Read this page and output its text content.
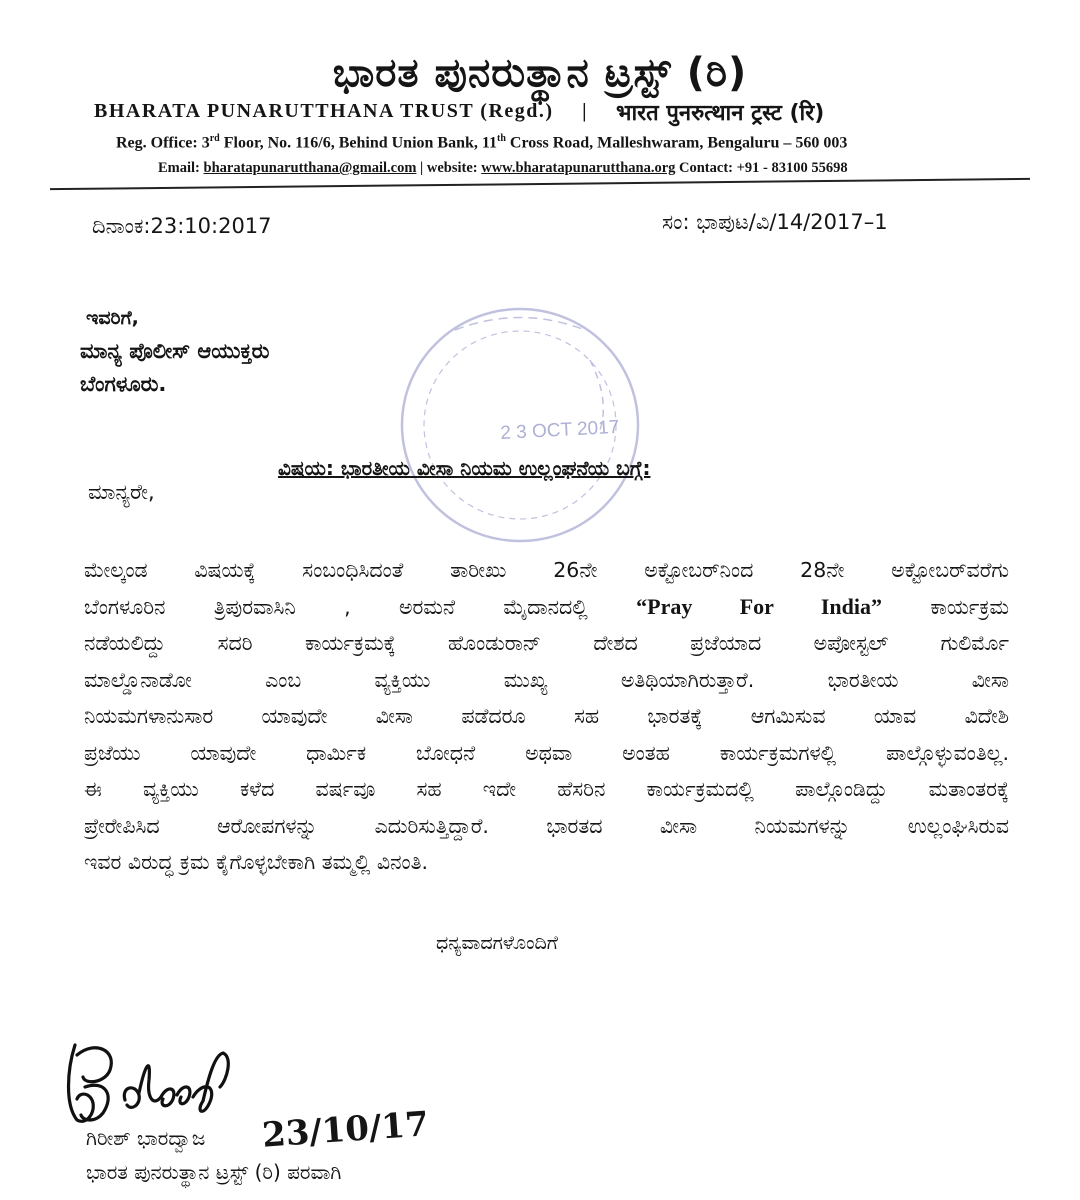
ಭಾರತ ಪುನರುತ್ಥಾನ ಟ್ರಸ್ಟ್ (ರಿ)
BHARATA PUNARUTTHANA TRUST (Regd.) | भारत पुनरुत्थान ट्रस्ट (रि)
Reg. Office: 3rd Floor, No. 116/6, Behind Union Bank, 11th Cross Road, Malleshwaram, Bengaluru – 560 003
Email: bharatapunarutthana@gmail.com | website: www.bharatapunarutthana.org Contact: +91 - 83100 55698
ದಿನಾಂಕ:23:10:2017	ಸಂ: ಭಾಪುಟ/ವಿ/14/2017–1
2 3 OCT 2017
ಇವರಿಗೆ,
ಮಾನ್ಯ ಪೊಲೀಸ್ ಆಯುಕ್ತರು
ಬೆಂಗಳೂರು.
ವಿಷಯ: ಭಾರತೀಯ ವೀಸಾ ನಿಯಮ ಉಲ್ಲಂಘನೆಯ ಬಗ್ಗೆ:
ಮಾನ್ಯರೇ,
ಮೇಲ್ಕಂಡ ವಿಷಯಕ್ಕೆ ಸಂಬಂಧಿಸಿದಂತೆ ತಾರೀಖು 26ನೇ ಅಕ್ಟೋಬರ್‌ನಿಂದ 28ನೇ ಅಕ್ಟೋಬರ್‌ವರೆಗು
ಬೆಂಗಳೂರಿನ ತ್ರಿಪುರವಾಸಿನಿ , ಅರಮನೆ ಮೈದಾನದಲ್ಲಿ “Pray For India” ಕಾರ್ಯಕ್ರಮ
ನಡೆಯಲಿದ್ದು ಸದರಿ ಕಾರ್ಯಕ್ರಮಕ್ಕೆ ಹೊಂಡುರಾನ್ ದೇಶದ ಪ್ರಜೆಯಾದ ಅಪೋಸ್ಟಲ್ ಗುಲಿರ್ಮೊ
ಮಾಲ್ಡೊನಾಡೋ ಎಂಬ ವ್ಯಕ್ತಿಯು ಮುಖ್ಯ ಅತಿಥಿಯಾಗಿರುತ್ತಾರೆ. ಭಾರತೀಯ ವೀಸಾ
ನಿಯಮಗಳಾನುಸಾರ ಯಾವುದೇ ವೀಸಾ ಪಡೆದರೂ ಸಹ ಭಾರತಕ್ಕೆ ಆಗಮಿಸುವ ಯಾವ ವಿದೇಶಿ
ಪ್ರಜೆಯು ಯಾವುದೇ ಧಾರ್ಮಿಕ ಬೋಧನೆ ಅಥವಾ ಅಂತಹ ಕಾರ್ಯಕ್ರಮಗಳಲ್ಲಿ ಪಾಲ್ಗೊಳ್ಳುವಂತಿಲ್ಲ.
ಈ ವ್ಯಕ್ತಿಯು ಕಳೆದ ವರ್ಷವೂ ಸಹ ಇದೇ ಹೆಸರಿನ ಕಾರ್ಯಕ್ರಮದಲ್ಲಿ ಪಾಲ್ಗೊಂಡಿದ್ದು ಮತಾಂತರಕ್ಕೆ
ಪ್ರೇರೇಪಿಸಿದ ಆರೋಪಗಳನ್ನು ಎದುರಿಸುತ್ತಿದ್ದಾರೆ. ಭಾರತದ ವೀಸಾ ನಿಯಮಗಳನ್ನು ಉಲ್ಲಂಘಿಸಿರುವ
ಇವರ ವಿರುದ್ಧ ಕ್ರಮ ಕೈಗೊಳ್ಳಬೇಕಾಗಿ ತಮ್ಮಲ್ಲಿ ವಿನಂತಿ.
ಧನ್ಯವಾದಗಳೊಂದಿಗೆ
23/10/17
ಗಿರೀಶ್ ಭಾರದ್ವಾಜ
ಭಾರತ ಪುನರುತ್ಥಾನ ಟ್ರಸ್ಟ್ (ರಿ) ಪರವಾಗಿ
